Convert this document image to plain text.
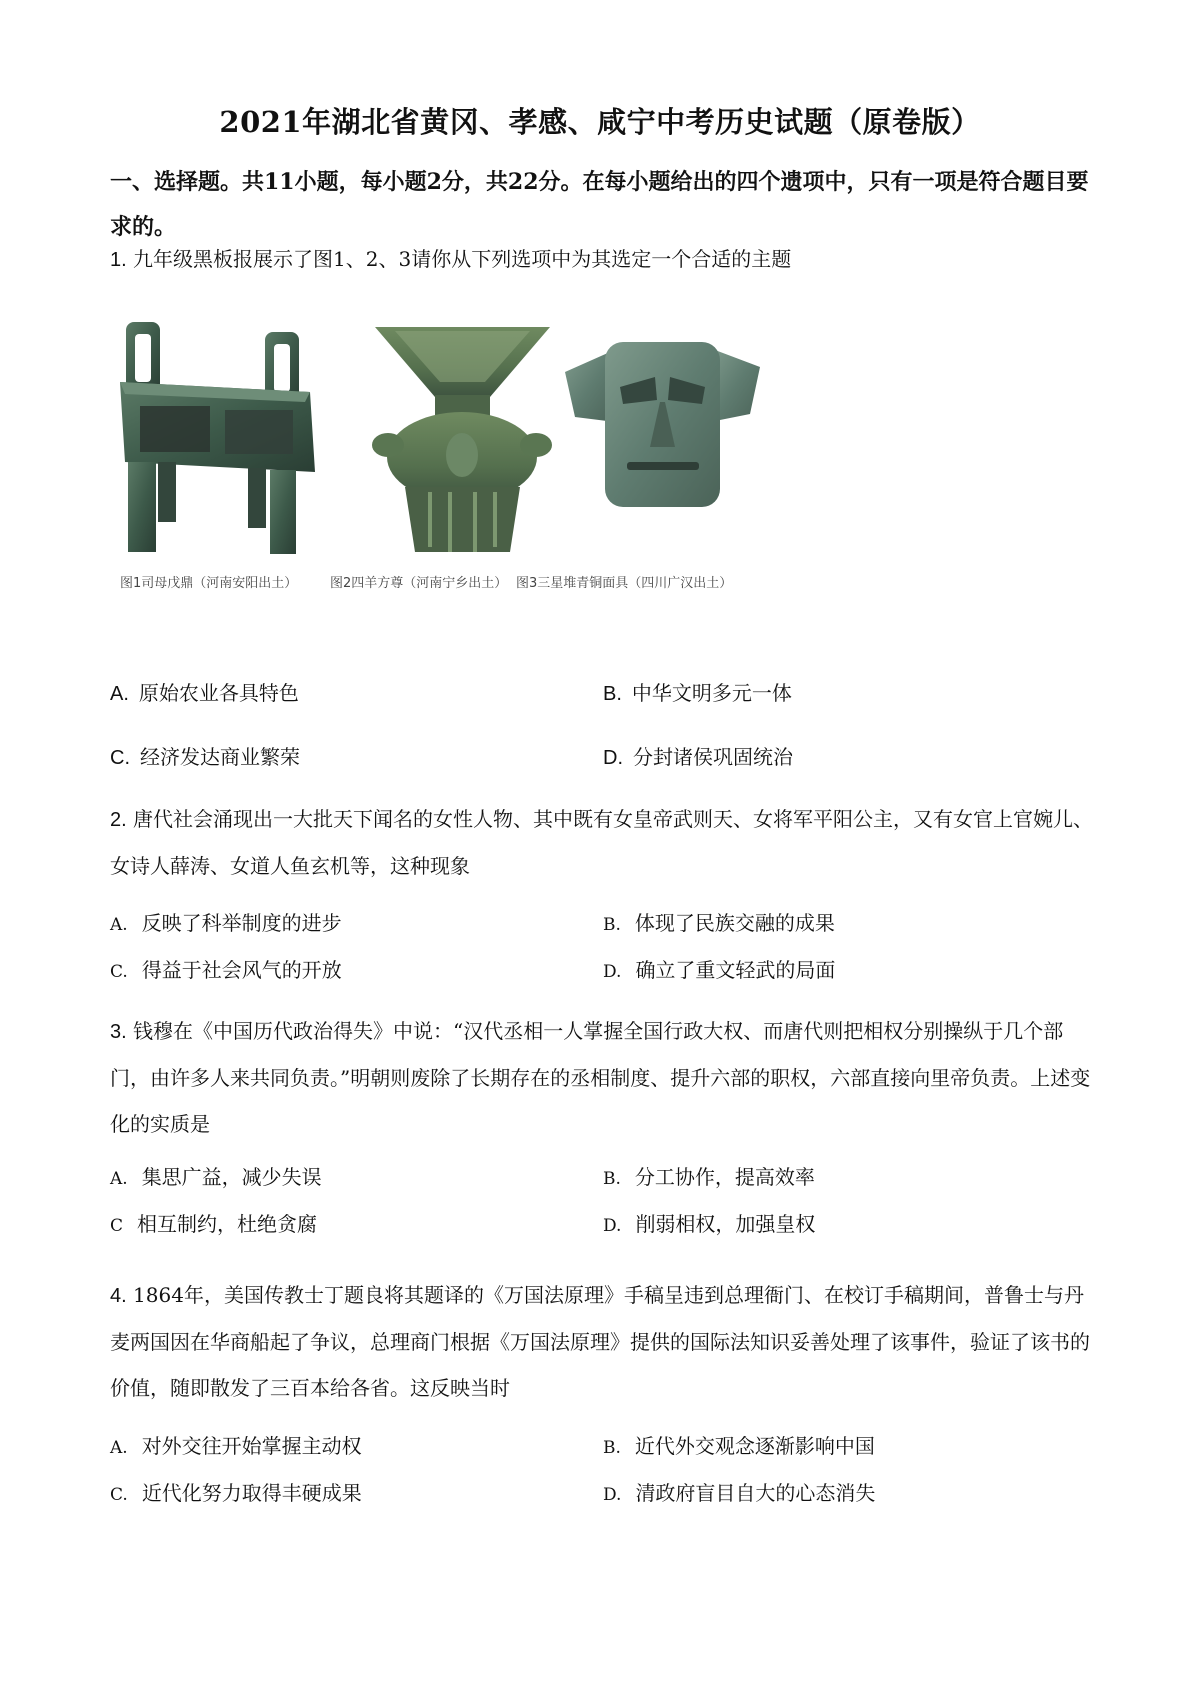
2021年湖北省黄冈、孝感、咸宁中考历史试题（原卷版）
一、选择题。共11小题，每小题2分，共22分。在每小题给出的四个遗项中，只有一项是符合题目要求的。
1. 九年级黑板报展示了图1、2、3请你从下列选项中为其选定一个合适的主题
图1司母戊鼎（河南安阳出土）	图2四羊方尊（河南宁乡出土） 图3三星堆青铜面具（四川广汉出土）
A. 原始农业各具特色	B. 中华文明多元一体
C. 经济发达商业繁荣	D. 分封诸侯巩固统治
2. 唐代社会涌现出一大批天下闻名的女性人物、其中既有女皇帝武则天、女将军平阳公主，又有女官上官婉儿、女诗人薛涛、女道人鱼玄机等，这种现象
A. 反映了科举制度的进步	B. 体现了民族交融的成果
C. 得益于社会风气的开放	D. 确立了重文轻武的局面
3. 钱穆在《中国历代政治得失》中说：“汉代丞相一人掌握全国行政大权、而唐代则把相权分别操纵于几个部门，由许多人来共同负责。”明朝则废除了长期存在的丞相制度、提升六部的职权，六部直接向里帝负责。上述变化的实质是
A. 集思广益，减少失误	B. 分工协作，提高效率
C 相互制约，杜绝贪腐	D. 削弱相权，加强皇权
4. 1864年，美国传教士丁题良将其题译的《万国法原理》手稿呈违到总理衙门、在校订手稿期间，普鲁士与丹麦两国因在华商船起了争议，总理商门根据《万国法原理》提供的国际法知识妥善处理了该事件，验证了该书的价值，随即散发了三百本给各省。这反映当时
A. 对外交往开始掌握主动权	B. 近代外交观念逐渐影响中国
C. 近代化努力取得丰硬成果	D. 清政府盲目自大的心态消失
